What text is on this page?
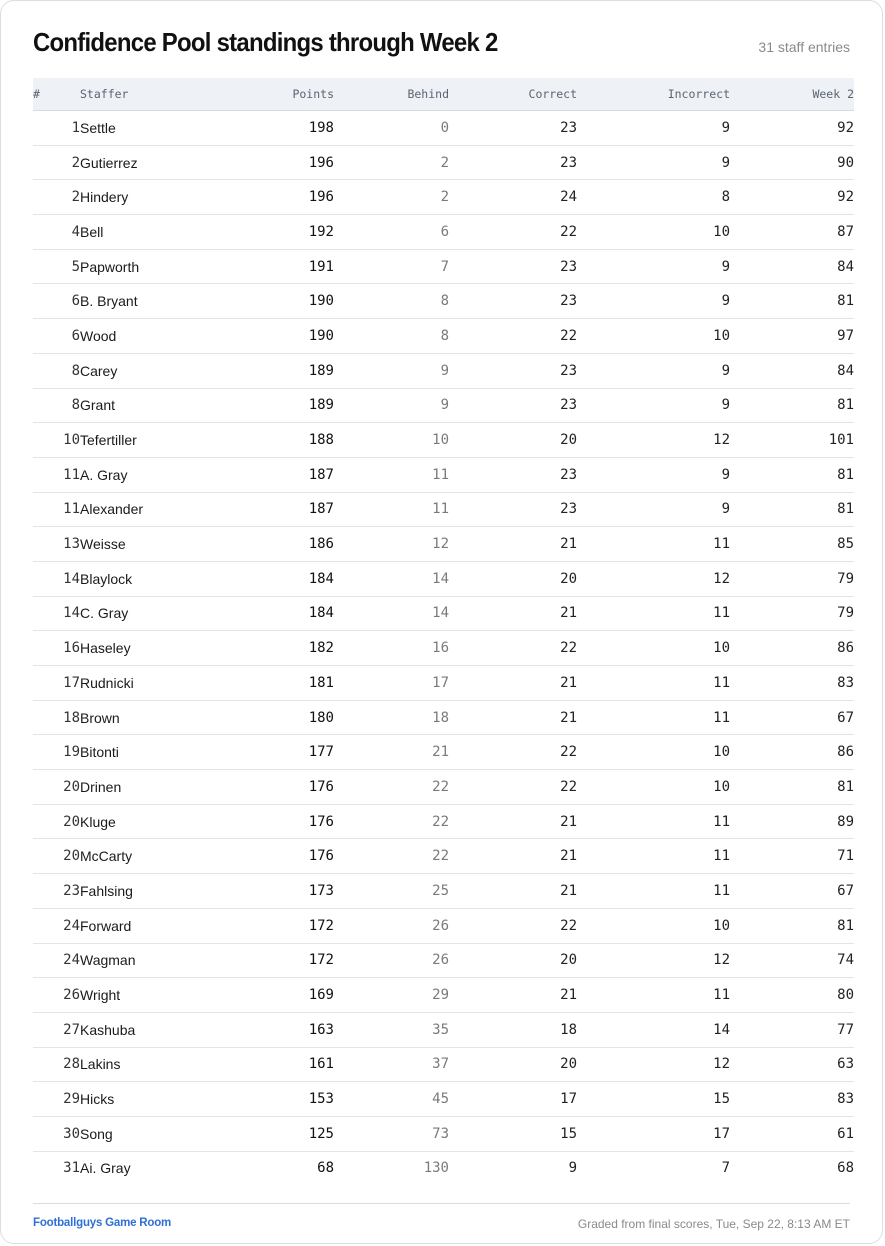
Confidence Pool standings through Week 2	31 staff entries
#	Staffer	Points	Behind	Correct	Incorrect	Week 2
1	Settle	198	0	23	9	92
2	Gutierrez	196	2	23	9	90
2	Hindery	196	2	24	8	92
4	Bell	192	6	22	10	87
5	Papworth	191	7	23	9	84
6	B. Bryant	190	8	23	9	81
6	Wood	190	8	22	10	97
8	Carey	189	9	23	9	84
8	Grant	189	9	23	9	81
10	Tefertiller	188	10	20	12	101
11	A. Gray	187	11	23	9	81
11	Alexander	187	11	23	9	81
13	Weisse	186	12	21	11	85
14	Blaylock	184	14	20	12	79
14	C. Gray	184	14	21	11	79
16	Haseley	182	16	22	10	86
17	Rudnicki	181	17	21	11	83
18	Brown	180	18	21	11	67
19	Bitonti	177	21	22	10	86
20	Drinen	176	22	22	10	81
20	Kluge	176	22	21	11	89
20	McCarty	176	22	21	11	71
23	Fahlsing	173	25	21	11	67
24	Forward	172	26	22	10	81
24	Wagman	172	26	20	12	74
26	Wright	169	29	21	11	80
27	Kashuba	163	35	18	14	77
28	Lakins	161	37	20	12	63
29	Hicks	153	45	17	15	83
30	Song	125	73	15	17	61
31	Ai. Gray	68	130	9	7	68
Footballguys Game Room	Graded from final scores, Tue, Sep 22, 8:13 AM ET
